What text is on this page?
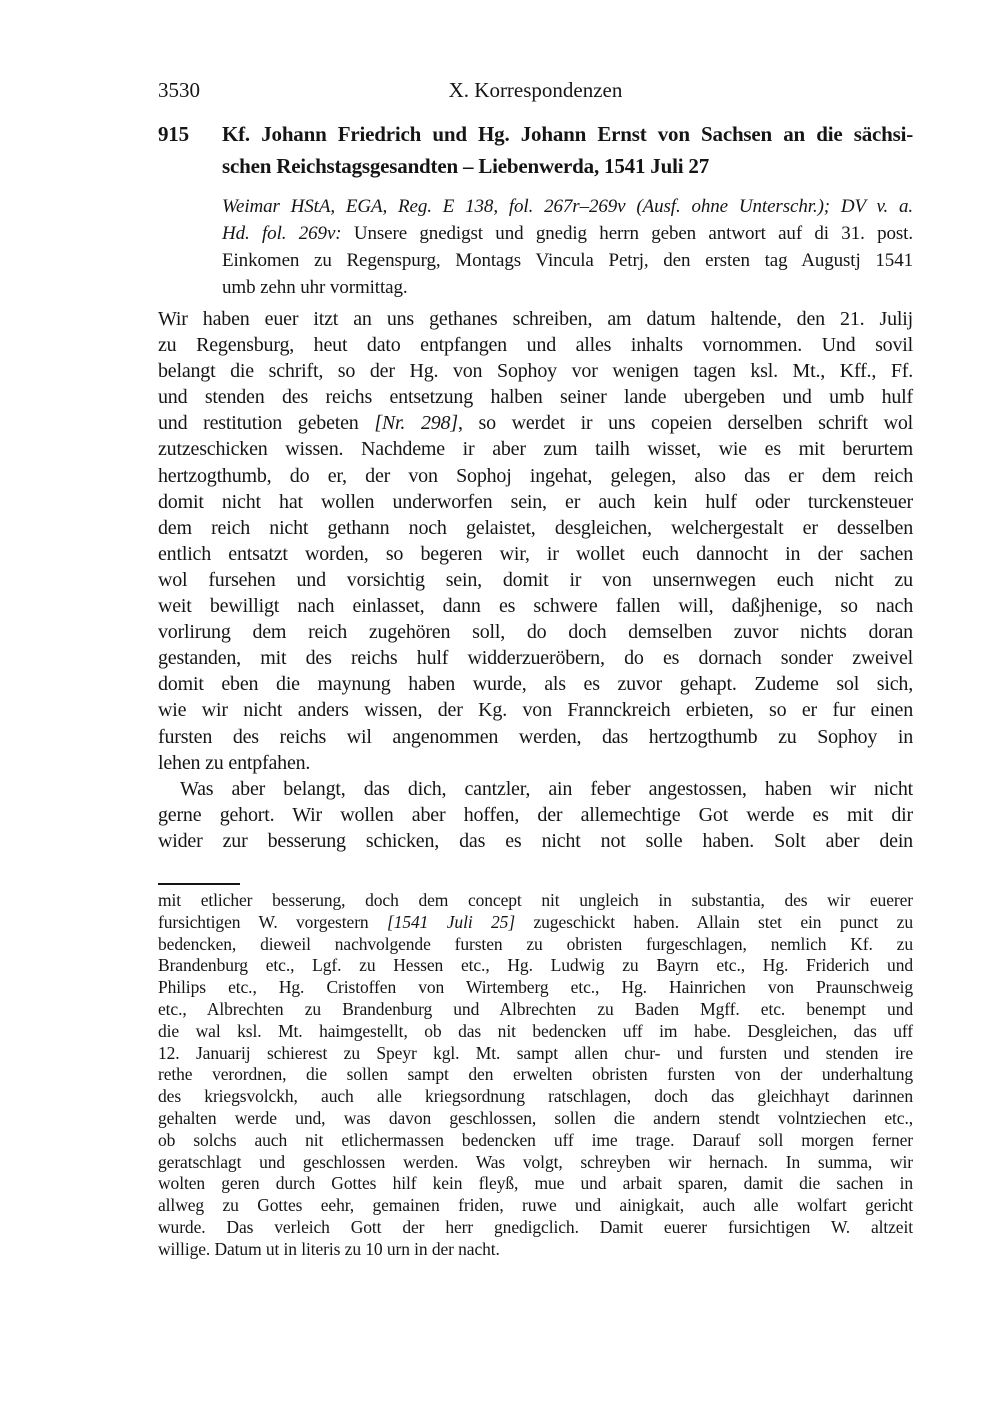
3530	X. Korrespondenzen
915	Kf. Johann Friedrich und Hg. Johann Ernst von Sachsen an die sächsi-
schen Reichstagsgesandten – Liebenwerda, 1541 Juli 27
Weimar HStA, EGA, Reg. E 138, fol. 267r–269v (Ausf. ohne Unterschr.); DV v. a.
Hd. fol. 269v: Unsere gnedigst und gnedig herrn geben antwort auf di 31. post.
Einkomen zu Regenspurg, Montags Vincula Petrj, den ersten tag Augustj 1541
umb zehn uhr vormittag.
Wir haben euer itzt an uns gethanes schreiben, am datum haltende, den 21. Julij
zu Regensburg, heut dato entpfangen und alles inhalts vornommen. Und sovil
belangt die schrift, so der Hg. von Sophoy vor wenigen tagen ksl. Mt., Kff., Ff.
und stenden des reichs entsetzung halben seiner lande ubergeben und umb hulf
und restitution gebeten [Nr. 298], so werdet ir uns copeien derselben schrift wol
zutzeschicken wissen. Nachdeme ir aber zum tailh wisset, wie es mit berurtem
hertzogthumb, do er, der von Sophoj ingehat, gelegen, also das er dem reich
domit nicht hat wollen underworfen sein, er auch kein hulf oder turckensteuer
dem reich nicht gethann noch gelaistet, desgleichen, welchergestalt er desselben
entlich entsatzt worden, so begeren wir, ir wollet euch dannocht in der sachen
wol fursehen und vorsichtig sein, domit ir von unsernwegen euch nicht zu
weit bewilligt nach einlasset, dann es schwere fallen will, daßjhenige, so nach
vorlirung dem reich zugehören soll, do doch demselben zuvor nichts doran
gestanden, mit des reichs hulf widderzueröbern, do es dornach sonder zweivel
domit eben die maynung haben wurde, als es zuvor gehapt. Zudeme sol sich,
wie wir nicht anders wissen, der Kg. von Frannckreich erbieten, so er fur einen
fursten des reichs wil angenommen werden, das hertzogthumb zu Sophoy in
lehen zu entpfahen.
Was aber belangt, das dich, cantzler, ain feber angestossen, haben wir nicht
gerne gehort. Wir wollen aber hoffen, der allemechtige Got werde es mit dir
wider zur besserung schicken, das es nicht not solle haben. Solt aber dein
mit etlicher besserung, doch dem concept nit ungleich in substantia, des wir euerer
fursichtigen W. vorgestern [1541 Juli 25] zugeschickt haben. Allain stet ein punct zu
bedencken, dieweil nachvolgende fursten zu obristen furgeschlagen, nemlich Kf. zu
Brandenburg etc., Lgf. zu Hessen etc., Hg. Ludwig zu Bayrn etc., Hg. Friderich und
Philips etc., Hg. Cristoffen von Wirtemberg etc., Hg. Hainrichen von Praunschweig
etc., Albrechten zu Brandenburg und Albrechten zu Baden Mgff. etc. benempt und
die wal ksl. Mt. haimgestellt, ob das nit bedencken uff im habe. Desgleichen, das uff
12. Januarij schierest zu Speyr kgl. Mt. sampt allen chur- und fursten und stenden ire
rethe verordnen, die sollen sampt den erwelten obristen fursten von der underhaltung
des kriegsvolckh, auch alle kriegsordnung ratschlagen, doch das gleichhayt darinnen
gehalten werde und, was davon geschlossen, sollen die andern stendt volntziechen etc.,
ob solchs auch nit etlichermassen bedencken uff ime trage. Darauf soll morgen ferner
geratschlagt und geschlossen werden. Was volgt, schreyben wir hernach. In summa, wir
wolten geren durch Gottes hilf kein fleyß, mue und arbait sparen, damit die sachen in
allweg zu Gottes eehr, gemainen friden, ruwe und ainigkait, auch alle wolfart gericht
wurde. Das verleich Gott der herr gnedigclich. Damit euerer fursichtigen W. altzeit
willige. Datum ut in literis zu 10 urn in der nacht.
